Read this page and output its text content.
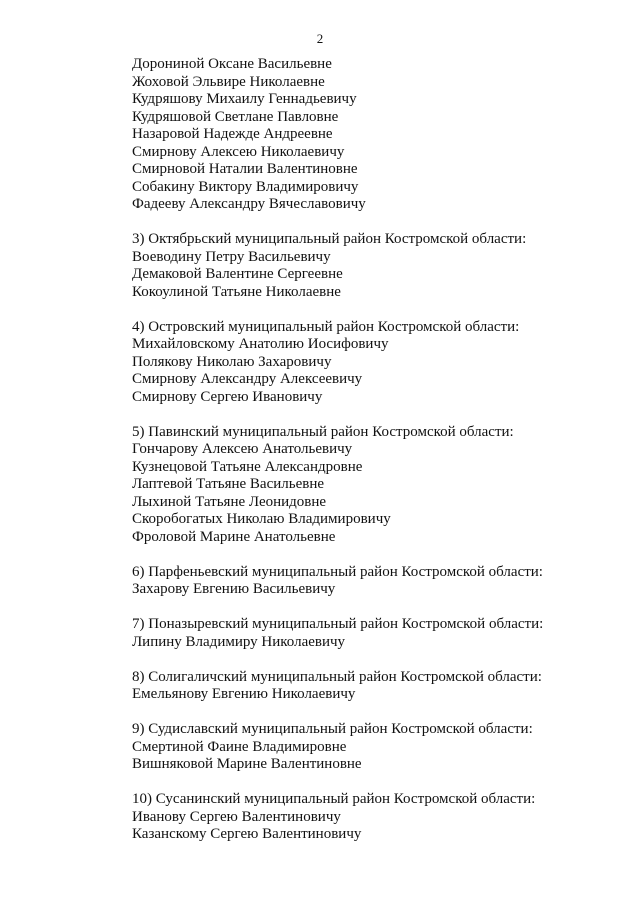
2
Дорониной Оксане Васильевне
Жоховой Эльвире Николаевне
Кудряшову Михаилу Геннадьевичу
Кудряшовой Светлане Павловне
Назаровой Надежде Андреевне
Смирнову Алексею Николаевичу
Смирновой Наталии Валентиновне
Собакину Виктору Владимировичу
Фадееву Александру Вячеславовичу
3) Октябрьский муниципальный район Костромской области:
Воеводину Петру Васильевичу
Демаковой Валентине Сергеевне
Кокоулиной Татьяне Николаевне
4) Островский муниципальный район Костромской области:
Михайловскому Анатолию Иосифовичу
Полякову Николаю Захаровичу
Смирнову Александру Алексеевичу
Смирнову Сергею Ивановичу
5) Павинский муниципальный район Костромской области:
Гончарову Алексею Анатольевичу
Кузнецовой Татьяне Александровне
Лаптевой Татьяне Васильевне
Лыхиной Татьяне Леонидовне
Скоробогатых Николаю Владимировичу
Фроловой Марине Анатольевне
6) Парфеньевский муниципальный район Костромской области:
Захарову Евгению Васильевичу
7) Поназыревский муниципальный район Костромской области:
Липину Владимиру Николаевичу
8) Солигаличский муниципальный район Костромской области:
Емельянову Евгению Николаевичу
9) Судиславский муниципальный район Костромской области:
Смертиной Фаине Владимировне
Вишняковой Марине Валентиновне
10) Сусанинский муниципальный район Костромской области:
Иванову Сергею Валентиновичу
Казанскому Сергею Валентиновичу
